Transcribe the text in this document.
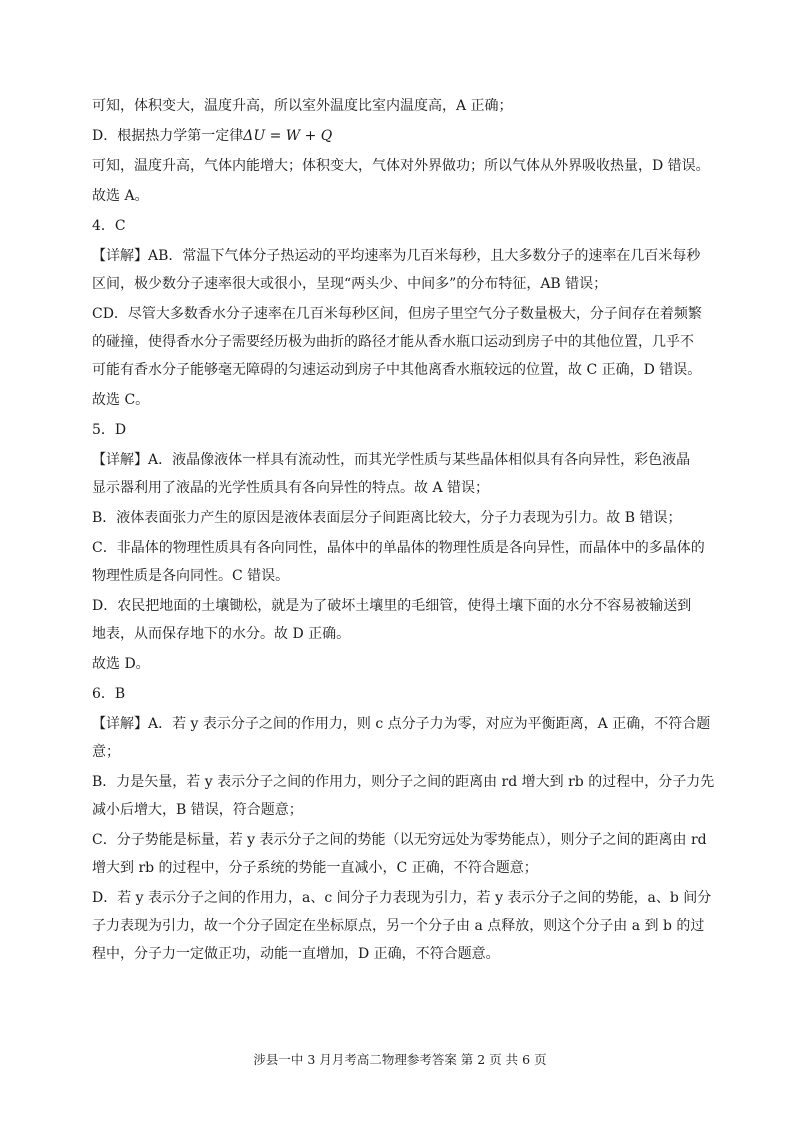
可知，体积变大，温度升高，所以室外温度比室内温度高，A 正确；
D．根据热力学第一定律ΔU = W + Q
可知，温度升高，气体内能增大；体积变大，气体对外界做功；所以气体从外界吸收热量，D 错误。
故选 A。
4．C
【详解】AB．常温下气体分子热运动的平均速率为几百米每秒，且大多数分子的速率在几百米每秒
区间，极少数分子速率很大或很小，呈现“两头少、中间多”的分布特征，AB 错误；
CD．尽管大多数香水分子速率在几百米每秒区间，但房子里空气分子数量极大，分子间存在着频繁
的碰撞，使得香水分子需要经历极为曲折的路径才能从香水瓶口运动到房子中的其他位置，几乎不
可能有香水分子能够毫无障碍的匀速运动到房子中其他离香水瓶较远的位置，故 C 正确，D 错误。
故选 C。
5．D
【详解】A．液晶像液体一样具有流动性，而其光学性质与某些晶体相似具有各向异性，彩色液晶
显示器利用了液晶的光学性质具有各向异性的特点。故 A 错误；
B．液体表面张力产生的原因是液体表面层分子间距离比较大，分子力表现为引力。故 B 错误；
C．非晶体的物理性质具有各向同性，晶体中的单晶体的物理性质是各向异性，而晶体中的多晶体的
物理性质是各向同性。C 错误。
D．农民把地面的土壤锄松，就是为了破坏土壤里的毛细管，使得土壤下面的水分不容易被输送到
地表，从而保存地下的水分。故 D 正确。
故选 D。
6．B
【详解】A．若 y 表示分子之间的作用力，则 c 点分子力为零，对应为平衡距离，A 正确，不符合题
意；
B．力是矢量，若 y 表示分子之间的作用力，则分子之间的距离由 rd 增大到 rb 的过程中，分子力先
减小后增大，B 错误，符合题意；
C．分子势能是标量，若 y 表示分子之间的势能（以无穷远处为零势能点），则分子之间的距离由 rd
增大到 rb 的过程中，分子系统的势能一直减小，C 正确，不符合题意；
D．若 y 表示分子之间的作用力，a、c 间分子力表现为引力，若 y 表示分子之间的势能，a、b 间分
子力表现为引力，故一个分子固定在坐标原点，另一个分子由 a 点释放，则这个分子由 a 到 b 的过
程中，分子力一定做正功，动能一直增加，D 正确，不符合题意。
涉县一中 3 月月考高二物理参考答案 第 2 页 共 6 页
